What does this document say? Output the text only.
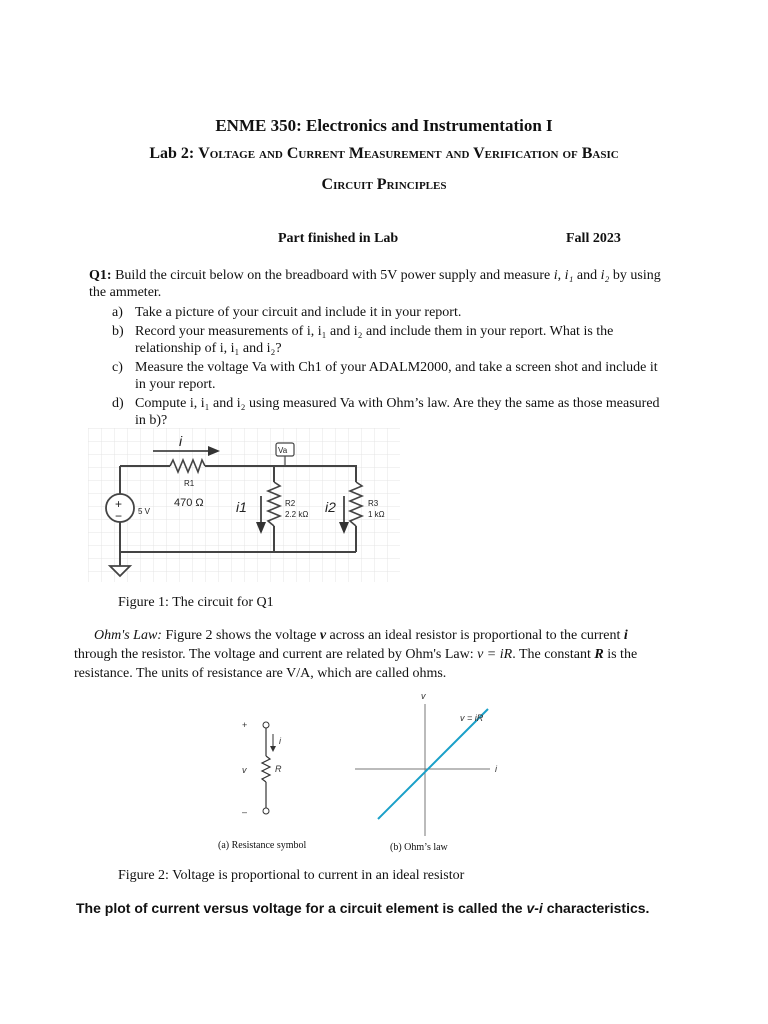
ENME 350: Electronics and Instrumentation I
Lab 2: Voltage and Current Measurement and Verification of Basic
Circuit Principles
Part finished in Lab	Fall 2023
Q1: Build the circuit below on the breadboard with 5V power supply and measure i, i₁ and i₂ by using the ammeter.
a) Take a picture of your circuit and include it in your report.
b) Record your measurements of i, i₁ and i₂ and include them in your report. What is the relationship of i, i₁ and i₂?
c) Measure the voltage Va with Ch1 of your ADALM2000, and take a screen shot and include it in your report.
d) Compute i, i₁ and i₂ using measured Va with Ohm’s law. Are they the same as those measured in b)?
+
− 5 V
i
Va
R1
470 Ω i1	R2
2.2 kΩ i2	R3
1 kΩ
Figure 1: The circuit for Q1
Ohm's Law: Figure 2 shows the voltage v across an ideal resistor is proportional to the current i through the resistor. The voltage and current are related by Ohm's Law: v = iR. The constant R is the resistance. The units of resistance are V/A, which are called ohms.
+
i
R
v
–
v
i
v = iR
(a) Resistance symbol	(b) Ohm’s law
Figure 2: Voltage is proportional to current in an ideal resistor
The plot of current versus voltage for a circuit element is called the v-i characteristics.
